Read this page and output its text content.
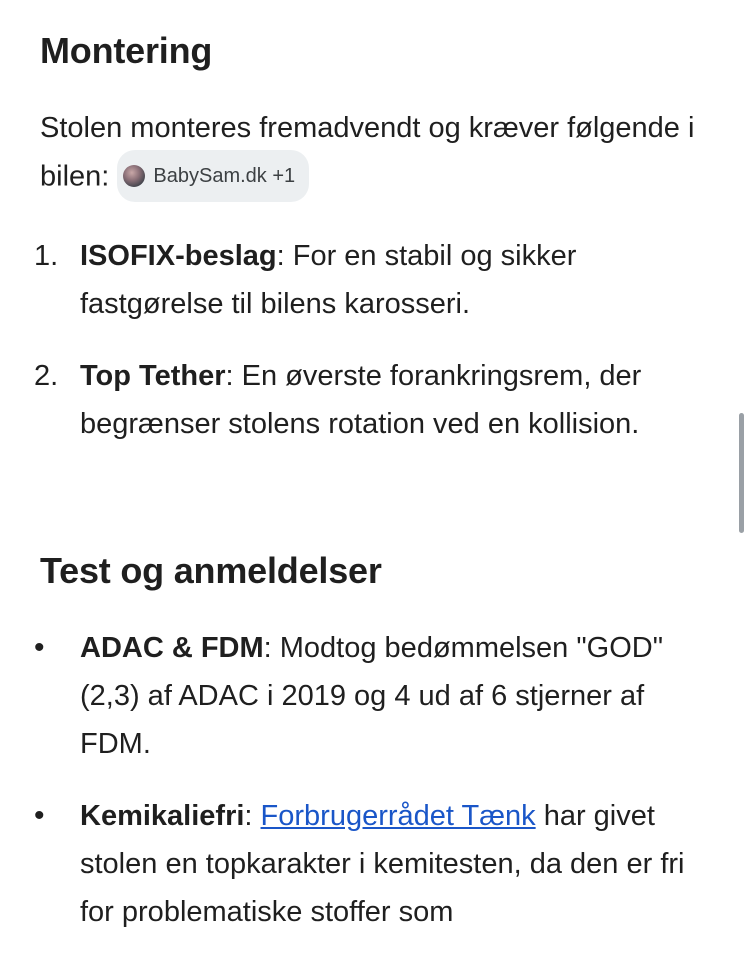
Montering
Stolen monteres fremadvendt og kræver følgende i bilen: BabySam.dk +1
1. ISOFIX-beslag: For en stabil og sikker fastgørelse til bilens karosseri.
2. Top Tether: En øverste forankringsrem, der begrænser stolens rotation ved en kollision.
Test og anmeldelser
• ADAC & FDM: Modtog bedømmelsen "GOD" (2,3) af ADAC i 2019 og 4 ud af 6 stjerner af FDM.
• Kemikaliefri: Forbrugerrådet Tænk har givet stolen en topkarakter i kemitesten, da den er fri for problematiske stoffer som
